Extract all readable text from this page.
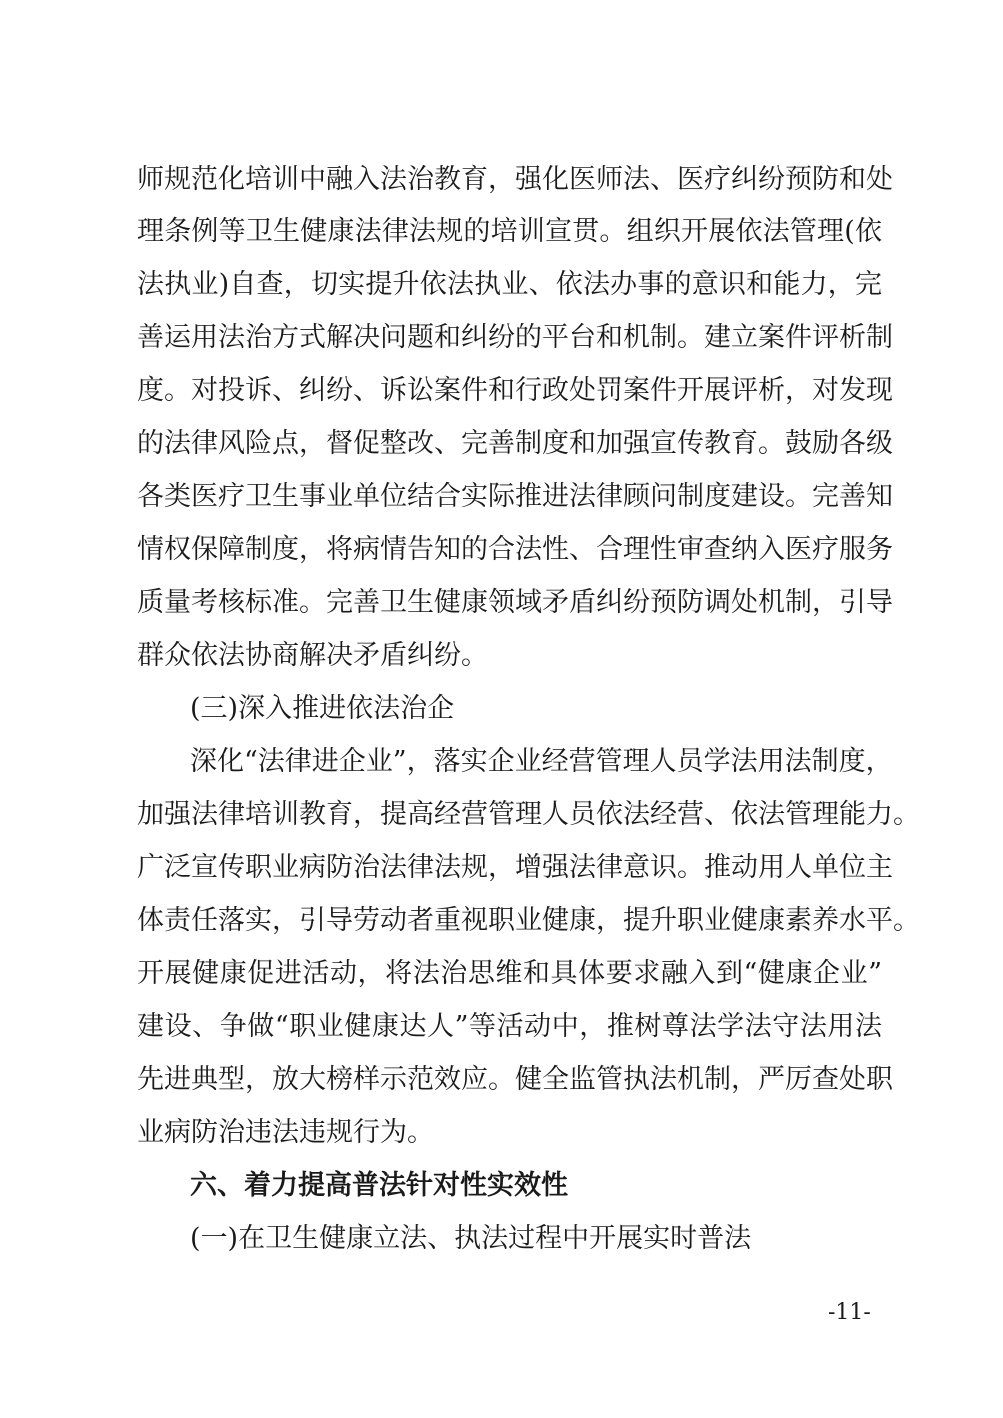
师规范化培训中融入法治教育，强化医师法、医疗纠纷预防和处
理条例等卫生健康法律法规的培训宣贯。组织开展依法管理(依
法执业)自查，切实提升依法执业、依法办事的意识和能力，完
善运用法治方式解决问题和纠纷的平台和机制。建立案件评析制
度。对投诉、纠纷、诉讼案件和行政处罚案件开展评析，对发现
的法律风险点，督促整改、完善制度和加强宣传教育。鼓励各级
各类医疗卫生事业单位结合实际推进法律顾问制度建设。完善知
情权保障制度，将病情告知的合法性、合理性审查纳入医疗服务
质量考核标准。完善卫生健康领域矛盾纠纷预防调处机制，引导
群众依法协商解决矛盾纠纷。
(三)深入推进依法治企
深化“法律进企业”，落实企业经营管理人员学法用法制度，
加强法律培训教育，提高经营管理人员依法经营、依法管理能力。
广泛宣传职业病防治法律法规，增强法律意识。推动用人单位主
体责任落实，引导劳动者重视职业健康，提升职业健康素养水平。
开展健康促进活动，将法治思维和具体要求融入到“健康企业”
建设、争做“职业健康达人”等活动中，推树尊法学法守法用法
先进典型，放大榜样示范效应。健全监管执法机制，严厉查处职
业病防治违法违规行为。
六、着力提高普法针对性实效性
(一)在卫生健康立法、执法过程中开展实时普法
-11-
